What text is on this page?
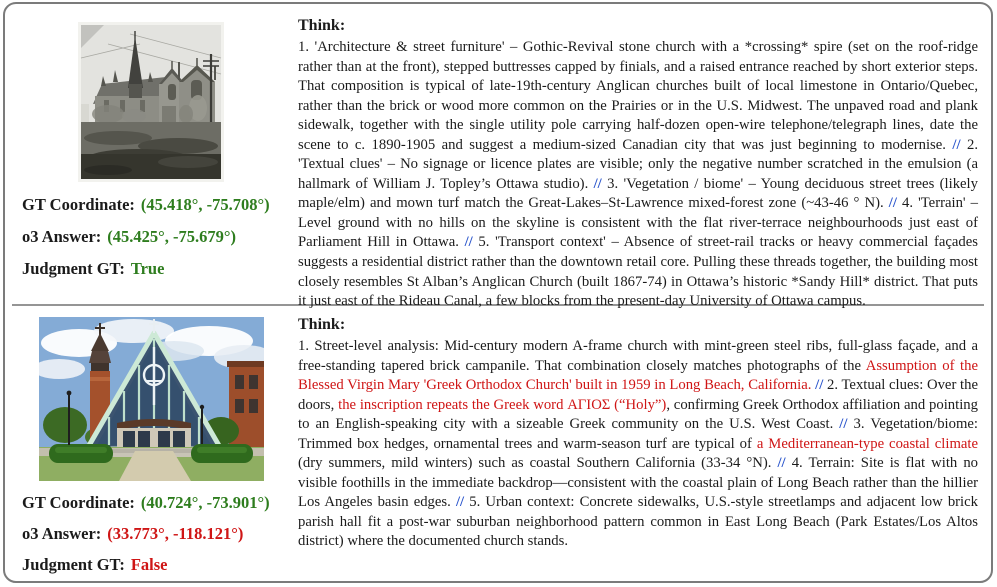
GT Coordinate: (45.418°, -75.708°)
o3 Answer: (45.425°, -75.679°)
Judgment GT: True
Think:

1. 'Architecture & street furniture' – Gothic-Revival stone church with a *crossing* spire (set on the roof-ridge rather than at the front), stepped buttresses capped by finials, and a raised entrance reached by short exterior steps. That composition is typical of late-19th-century Anglican churches built of local limestone in Ontario/Quebec, rather than the brick or wood more common on the Prairies or in the U.S. Midwest. The unpaved road and plank sidewalk, together with the single utility pole carrying half-dozen open-wire telephone/telegraph lines, date the scene to c. 1890-1905 and suggest a medium-sized Canadian city that was just beginning to modernise. // 2. 'Textual clues' – No signage or licence plates are visible; only the negative number scratched in the emulsion (a hallmark of William J. Topley’s Ottawa studio). // 3. 'Vegetation / biome' – Young deciduous street trees (likely maple/elm) and mown turf match the Great-Lakes–St-Lawrence mixed-forest zone (~43-46 ° N). // 4. 'Terrain' – Level ground with no hills on the skyline is consistent with the flat river-terrace neighbourhoods just east of Parliament Hill in Ottawa. // 5. 'Transport context' – Absence of street-rail tracks or heavy commercial façades suggests a residential district rather than the downtown retail core. Pulling these threads together, the building most closely resembles St Alban’s Anglican Church (built 1867-74) in Ottawa’s historic *Sandy Hill* district. That puts it just east of the Rideau Canal, a few blocks from the present-day University of Ottawa campus.

GT Coordinate: (40.724°, -73.901°)
o3 Answer: (33.773°, -118.121°)
Judgment GT: False
Think:

1. Street-level analysis: Mid-century modern A-frame church with mint-green steel ribs, full-glass façade, and a free-standing tapered brick campanile. That combination closely matches photographs of the Assumption of the Blessed Virgin Mary 'Greek Orthodox Church' built in 1959 in Long Beach, California. // 2. Textual clues: Over the doors, the inscription repeats the Greek word ΑΓΙΟΣ (“Holy”), confirming Greek Orthodox affiliation and pointing to an English-speaking city with a sizeable Greek community on the U.S. West Coast. // 3. Vegetation/biome: Trimmed box hedges, ornamental trees and warm-season turf are typical of a Mediterranean-type coastal climate (dry summers, mild winters) such as coastal Southern California (33-34 °N). // 4. Terrain: Site is flat with no visible foothills in the immediate backdrop—consistent with the coastal plain of Long Beach rather than the hillier Los Angeles basin edges. // 5. Urban context: Concrete sidewalks, U.S.-style streetlamps and adjacent low brick parish hall fit a post-war suburban neighborhood pattern common in East Long Beach (Park Estates/Los Altos district) where the documented church stands.
